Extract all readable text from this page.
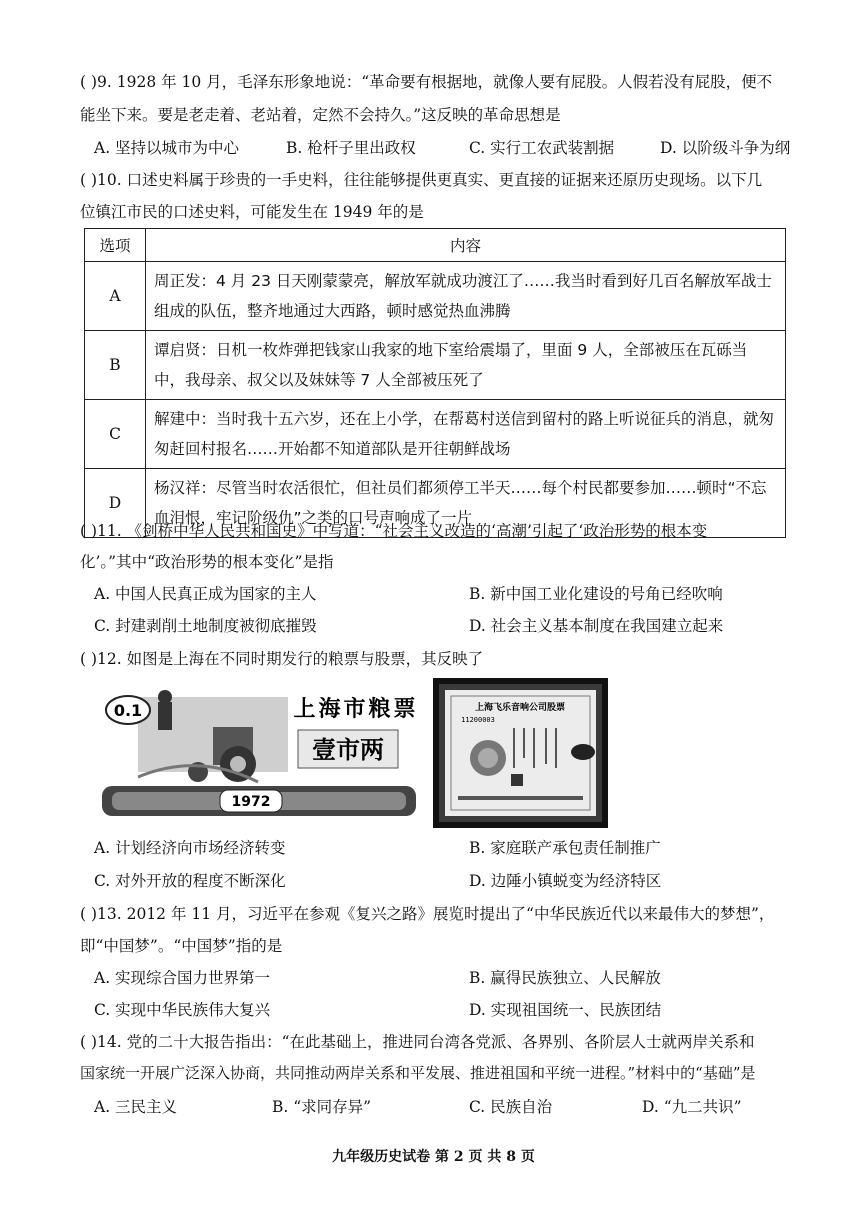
( )9. 1928 年 10 月，毛泽东形象地说：“革命要有根据地，就像人要有屁股。人假若没有屁股，便不
能坐下来。要是老走着、老站着，定然不会持久。”这反映的革命思想是
A. 坚持以城市为中心	B. 枪杆子里出政权	C. 实行工农武装割据	D. 以阶级斗争为纲
( )10. 口述史料属于珍贵的一手史料，往往能够提供更真实、更直接的证据来还原历史现场。以下几
位镇江市民的口述史料，可能发生在 1949 年的是
选项	内容
A	周正发：4 月 23 日天刚蒙蒙亮，解放军就成功渡江了……我当时看到好几百名解放军战士组成的队伍，整齐地通过大西路，顿时感觉热血沸腾
B	谭启贤：日机一枚炸弹把钱家山我家的地下室给震塌了，里面 9 人，全部被压在瓦砾当中，我母亲、叔父以及妹妹等 7 人全部被压死了
C	解建中：当时我十五六岁，还在上小学，在帮葛村送信到留村的路上听说征兵的消息，就匆匆赶回村报名……开始都不知道部队是开往朝鲜战场
D	杨汉祥：尽管当时农活很忙，但社员们都须停工半天……每个村民都要参加……顿时“不忘血泪恨，牢记阶级仇”之类的口号声响成了一片
( )11. 《剑桥中华人民共和国史》中写道：“社会主义改造的‘高潮’引起了‘政治形势的根本变
化’。”其中“政治形势的根本变化”是指
A. 中国人民真正成为国家的主人	B. 新中国工业化建设的号角已经吹响
C. 封建剥削土地制度被彻底摧毁	D. 社会主义基本制度在我国建立起来
( )12. 如图是上海在不同时期发行的粮票与股票，其反映了
0.1	上海市粮票
壹市两
1972
上海飞乐音响公司股票
11200003
A. 计划经济向市场经济转变	B. 家庭联产承包责任制推广
C. 对外开放的程度不断深化	D. 边陲小镇蜕变为经济特区
( )13. 2012 年 11 月，习近平在参观《复兴之路》展览时提出了“中华民族近代以来最伟大的梦想”，
即“中国梦”。“中国梦”指的是
A. 实现综合国力世界第一	B. 赢得民族独立、人民解放
C. 实现中华民族伟大复兴	D. 实现祖国统一、民族团结
( )14. 党的二十大报告指出：“在此基础上，推进同台湾各党派、各界别、各阶层人士就两岸关系和
国家统一开展广泛深入协商，共同推动两岸关系和平发展、推进祖国和平统一进程。”材料中的“基础”是
A. 三民主义	B. “求同存异”	C. 民族自治	D. “九二共识”
九年级历史试卷 第 2 页 共 8 页
